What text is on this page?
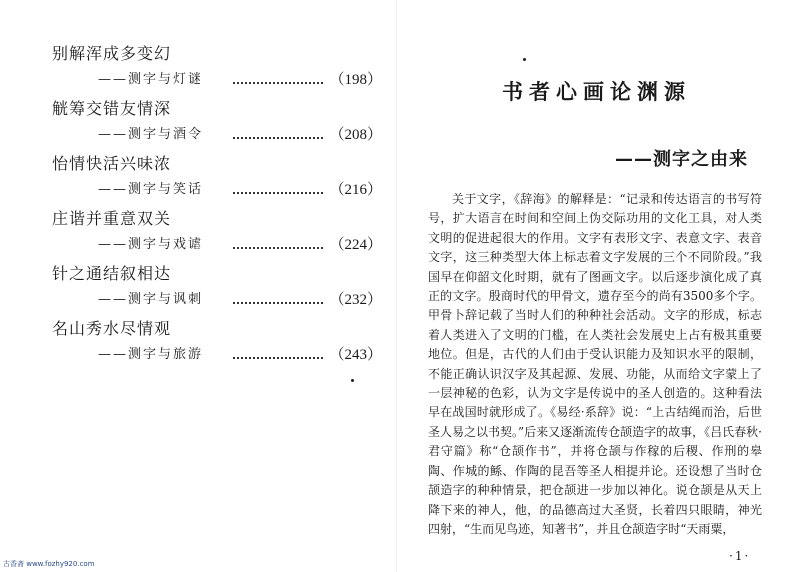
别解浑成多变幻
——测字与灯谜	（198）
觥筹交错友情深
——测字与酒令	（208）
怡情快活兴味浓
——测字与笑话	（216）
庄谐并重意双关
——测字与戏谑	（224）
针之通结叙相达
——测字与讽刺	（232）
名山秀水尽情观
——测字与旅游	（243）
书者心画论渊源
——测字之由来

关于文字，《辞海》的解释是：“记录和传达语言的书写符号，扩大语言在时间和空间上伪交际功用的文化工具，对人类文明的促进起很大的作用。文字有表形文字、表意文字、表音文字，这三种类型大体上标志着文字发展的三个不同阶段。”我国早在仰韶文化时期，就有了图画文字。以后逐步演化成了真正的文字。殷商时代的甲骨文，遗存至今的尚有3500多个字。甲骨卜辞记载了当时人们的种种社会活动。文字的形成，标志着人类进入了文明的门槛，在人类社会发展史上占有极其重要地位。但是，古代的人们由于受认识能力及知识水平的限制，不能正确认识汉字及其起源、发展、功能，从而给文字蒙上了一层神秘的色彩，认为文字是传说中的圣人创造的。这种看法早在战国时就形成了。《易经·系辞》说：“上古结绳而治，后世圣人易之以书契。”后来又逐渐流传仓颉造字的故事，《吕氏春秋·君守篇》称“仓颉作书”，并将仓颉与作稼的后稷、作刑的皋陶、作城的鲧、作陶的昆吾等圣人相提并论。还设想了当时仓颉造字的种种情景，把仓颉进一步加以神化。说仓颉是从天上降下来的神人，他，的品德高过大圣贤，长着四只眼睛，神光四射，“生而见鸟迹，知著书”，并且仓颉造字时“天雨粟，

·1·
古香斋 www.fozhy920.com
